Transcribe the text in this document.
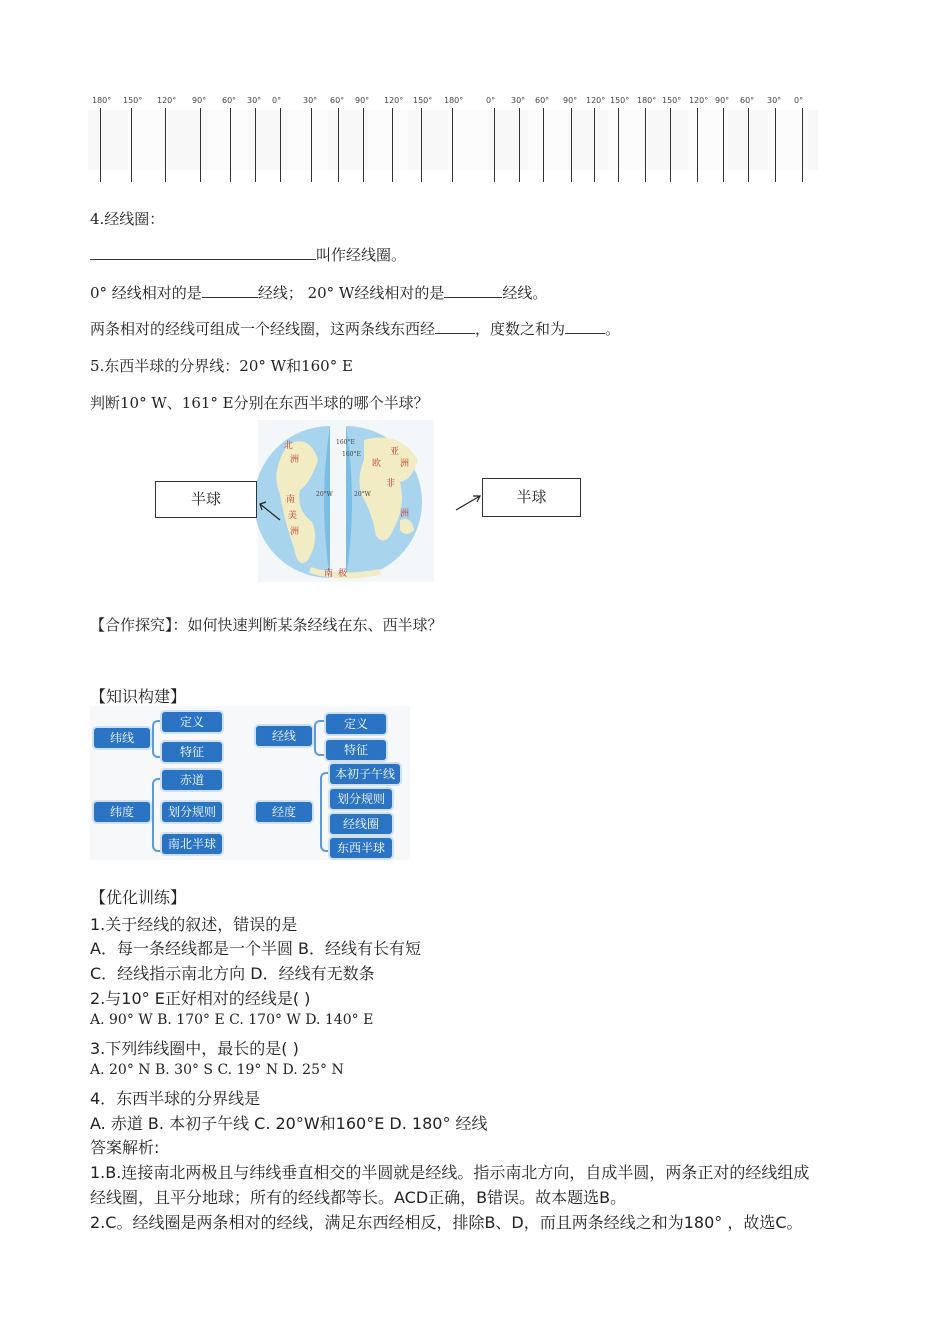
180° 150° 120° 90° 60° 30° 0°	30° 60° 90° 120° 150° 180°	0° 30° 60° 90° 120° 150° 180° 150° 120° 90° 60° 30° 0°
4.经线圈：
叫作经线圈。
0° 经线相对的是	经线； 20° W经线相对的是	经线。
两条相对的经线可组成一个经线圈，这两条线东西经	，度数之和为	。
5.东西半球的分界线：20° W和160° E
判断10° W、161° E分别在东西半球的哪个半球？
160°E
160°E
20°W	20°W
北
洲
南
美
洲
亚
欧 洲
非
洲
南 极
半球	半球
【合作探究】：如何快速判断某条经线在东、西半球？
【知识构建】
纬线
定义
特征
纬度
赤道
划分规则
南北半球
经线
定义
特征
经度
本初子午线
划分规则
经线圈
东西半球
【优化训练】
1.关于经线的叙述，错误的是
A．每一条经线都是一个半圆 B．经线有长有短
C．经线指示南北方向 D．经线有无数条
2.与10° E正好相对的经线是( )
A. 90° W B. 170° E C. 170° W D. 140° E
3.下列纬线圈中，最长的是( )
A. 20° N B. 30° S C. 19° N D. 25° N
4．东西半球的分界线是
A. 赤道 B. 本初子午线 C. 20°W和160°E D. 180° 经线
答案解析:
1.B.连接南北两极且与纬线垂直相交的半圆就是经线。指示南北方向，自成半圆，两条正对的经线组成
经线圈，且平分地球；所有的经线都等长。ACD正确，B错误。故本题选B。
2.C。经线圈是两条相对的经线，满足东西经相反，排除B、D，而且两条经线之和为180° ，故选C。
